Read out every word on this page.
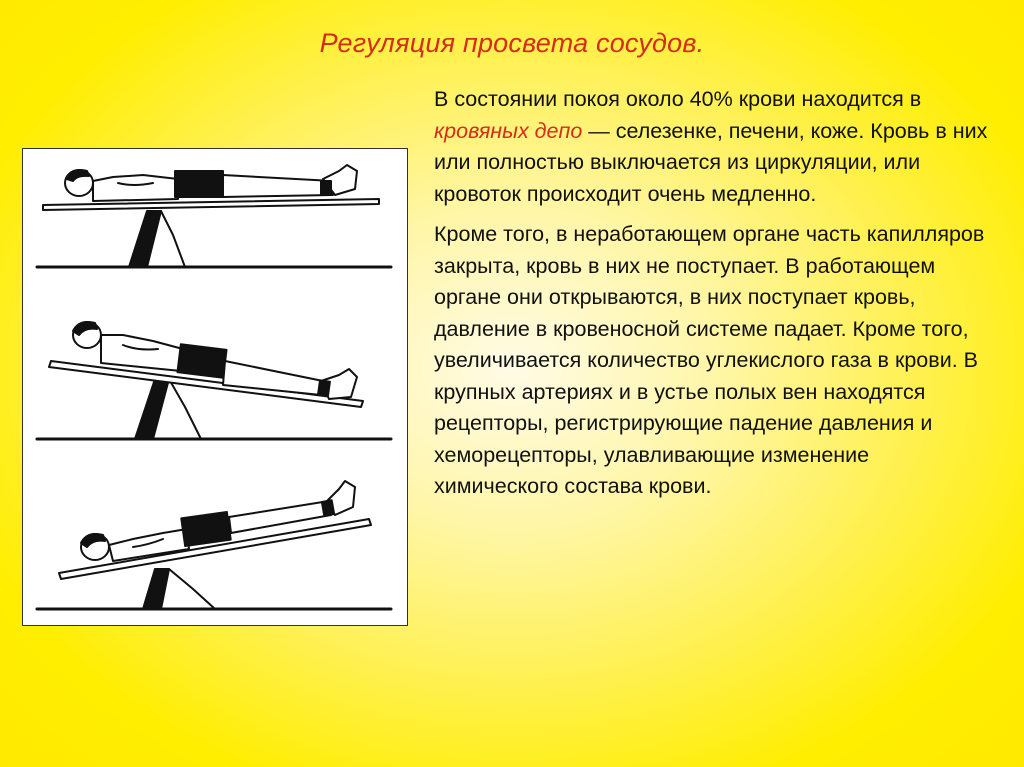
Регуляция просвета сосудов.

В состоянии покоя около 40% крови находится в кровяных депо — селезенке, печени, коже. Кровь в них или полностью выключается из циркуляции, или кровоток происходит очень медленно.

Кроме того, в неработающем органе часть капилляров закрыта, кровь в них не поступает. В работающем органе они открываются, в них поступает кровь, давление в кровеносной системе падает. Кроме того, увеличивается количество углекислого газа в крови. В крупных артериях и в устье полых вен находятся рецепторы, регистрирующие падение давления и хеморецепторы, улавливающие изменение химического состава крови.
